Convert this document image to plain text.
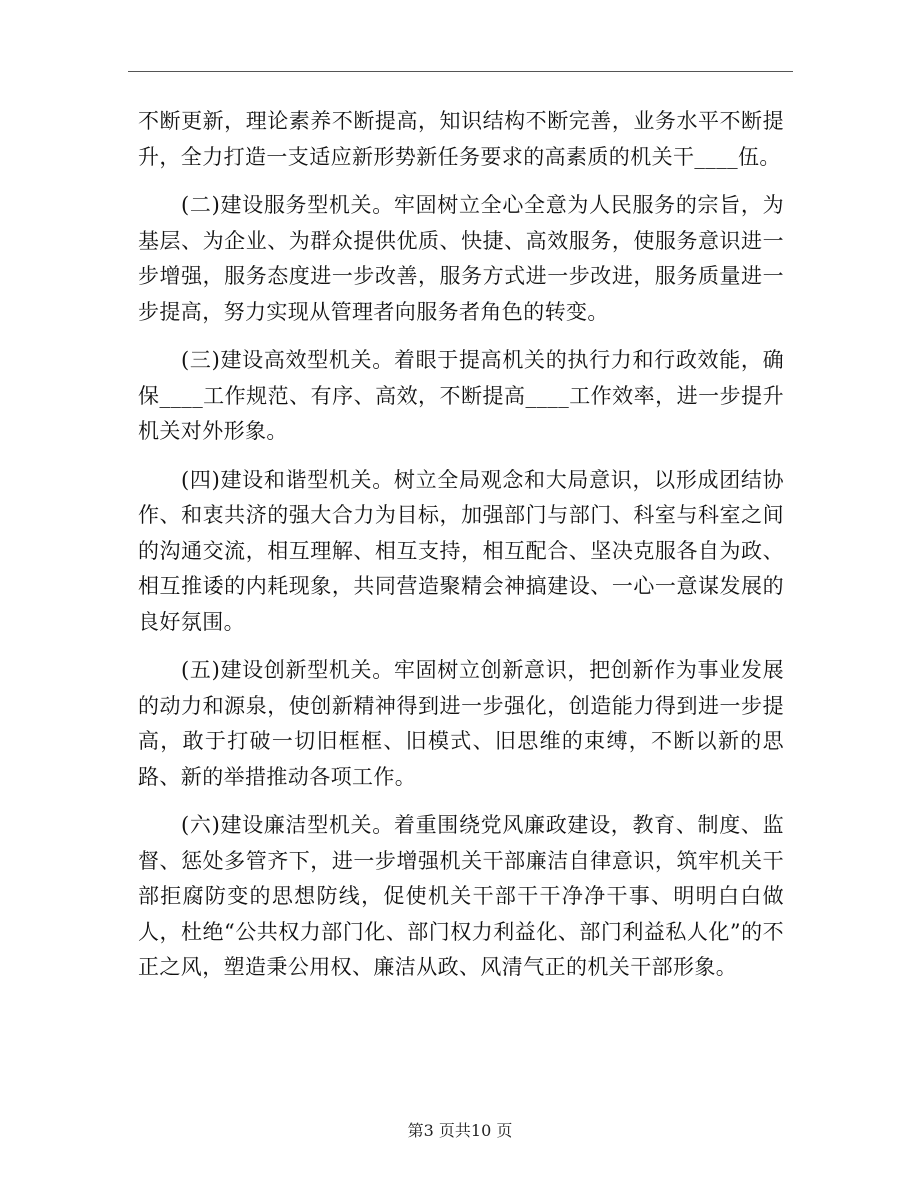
不断更新，理论素养不断提高，知识结构不断完善，业务水平不断提升，全力打造一支适应新形势新任务要求的高素质的机关干____伍。

(二)建设服务型机关。牢固树立全心全意为人民服务的宗旨，为基层、为企业、为群众提供优质、快捷、高效服务，使服务意识进一步增强，服务态度进一步改善，服务方式进一步改进，服务质量进一步提高，努力实现从管理者向服务者角色的转变。

(三)建设高效型机关。着眼于提高机关的执行力和行政效能，确保____工作规范、有序、高效，不断提高____工作效率，进一步提升机关对外形象。

(四)建设和谐型机关。树立全局观念和大局意识，以形成团结协作、和衷共济的强大合力为目标，加强部门与部门、科室与科室之间的沟通交流，相互理解、相互支持，相互配合、坚决克服各自为政、相互推诿的内耗现象，共同营造聚精会神搞建设、一心一意谋发展的良好氛围。

(五)建设创新型机关。牢固树立创新意识，把创新作为事业发展的动力和源泉，使创新精神得到进一步强化，创造能力得到进一步提高，敢于打破一切旧框框、旧模式、旧思维的束缚，不断以新的思路、新的举措推动各项工作。

(六)建设廉洁型机关。着重围绕党风廉政建设，教育、制度、监督、惩处多管齐下，进一步增强机关干部廉洁自律意识，筑牢机关干部拒腐防变的思想防线，促使机关干部干干净净干事、明明白白做人，杜绝“公共权力部门化、部门权力利益化、部门利益私人化”的不正之风，塑造秉公用权、廉洁从政、风清气正的机关干部形象。

第3 页共10 页
